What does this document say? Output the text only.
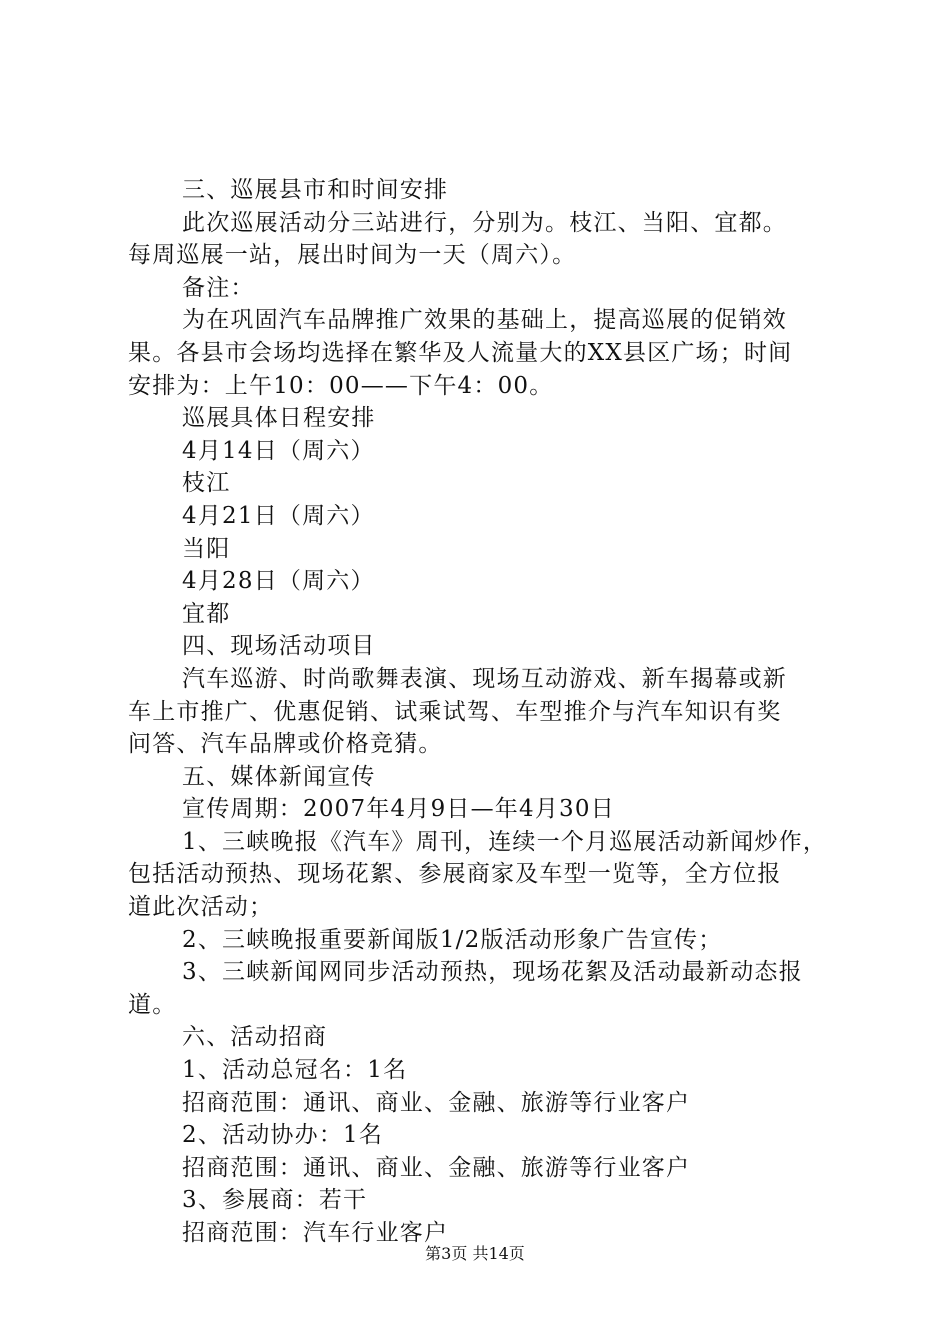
三、巡展县市和时间安排

此次巡展活动分三站进行，分别为。枝江、当阳、宜都。

每周巡展一站，展出时间为一天（周六）。

备注：

为在巩固汽车品牌推广效果的基础上，提高巡展的促销效

果。各县市会场均选择在繁华及人流量大的XX县区广场；时间

安排为：上午10：00——下午4：00。

巡展具体日程安排

4月14日（周六）

枝江

4月21日（周六）

当阳

4月28日（周六）

宜都

四、现场活动项目

汽车巡游、时尚歌舞表演、现场互动游戏、新车揭幕或新

车上市推广、优惠促销、试乘试驾、车型推介与汽车知识有奖

问答、汽车品牌或价格竞猜。

五、媒体新闻宣传

宣传周期：2007年4月9日—年4月30日

1、三峡晚报《汽车》周刊，连续一个月巡展活动新闻炒作，

包括活动预热、现场花絮、参展商家及车型一览等，全方位报

道此次活动；

2、三峡晚报重要新闻版1/2版活动形象广告宣传；

3、三峡新闻网同步活动预热，现场花絮及活动最新动态报

道。

六、活动招商

1、活动总冠名：1名

招商范围：通讯、商业、金融、旅游等行业客户

2、活动协办：1名

招商范围：通讯、商业、金融、旅游等行业客户

3、参展商：若干

招商范围：汽车行业客户

第3页 共14页
